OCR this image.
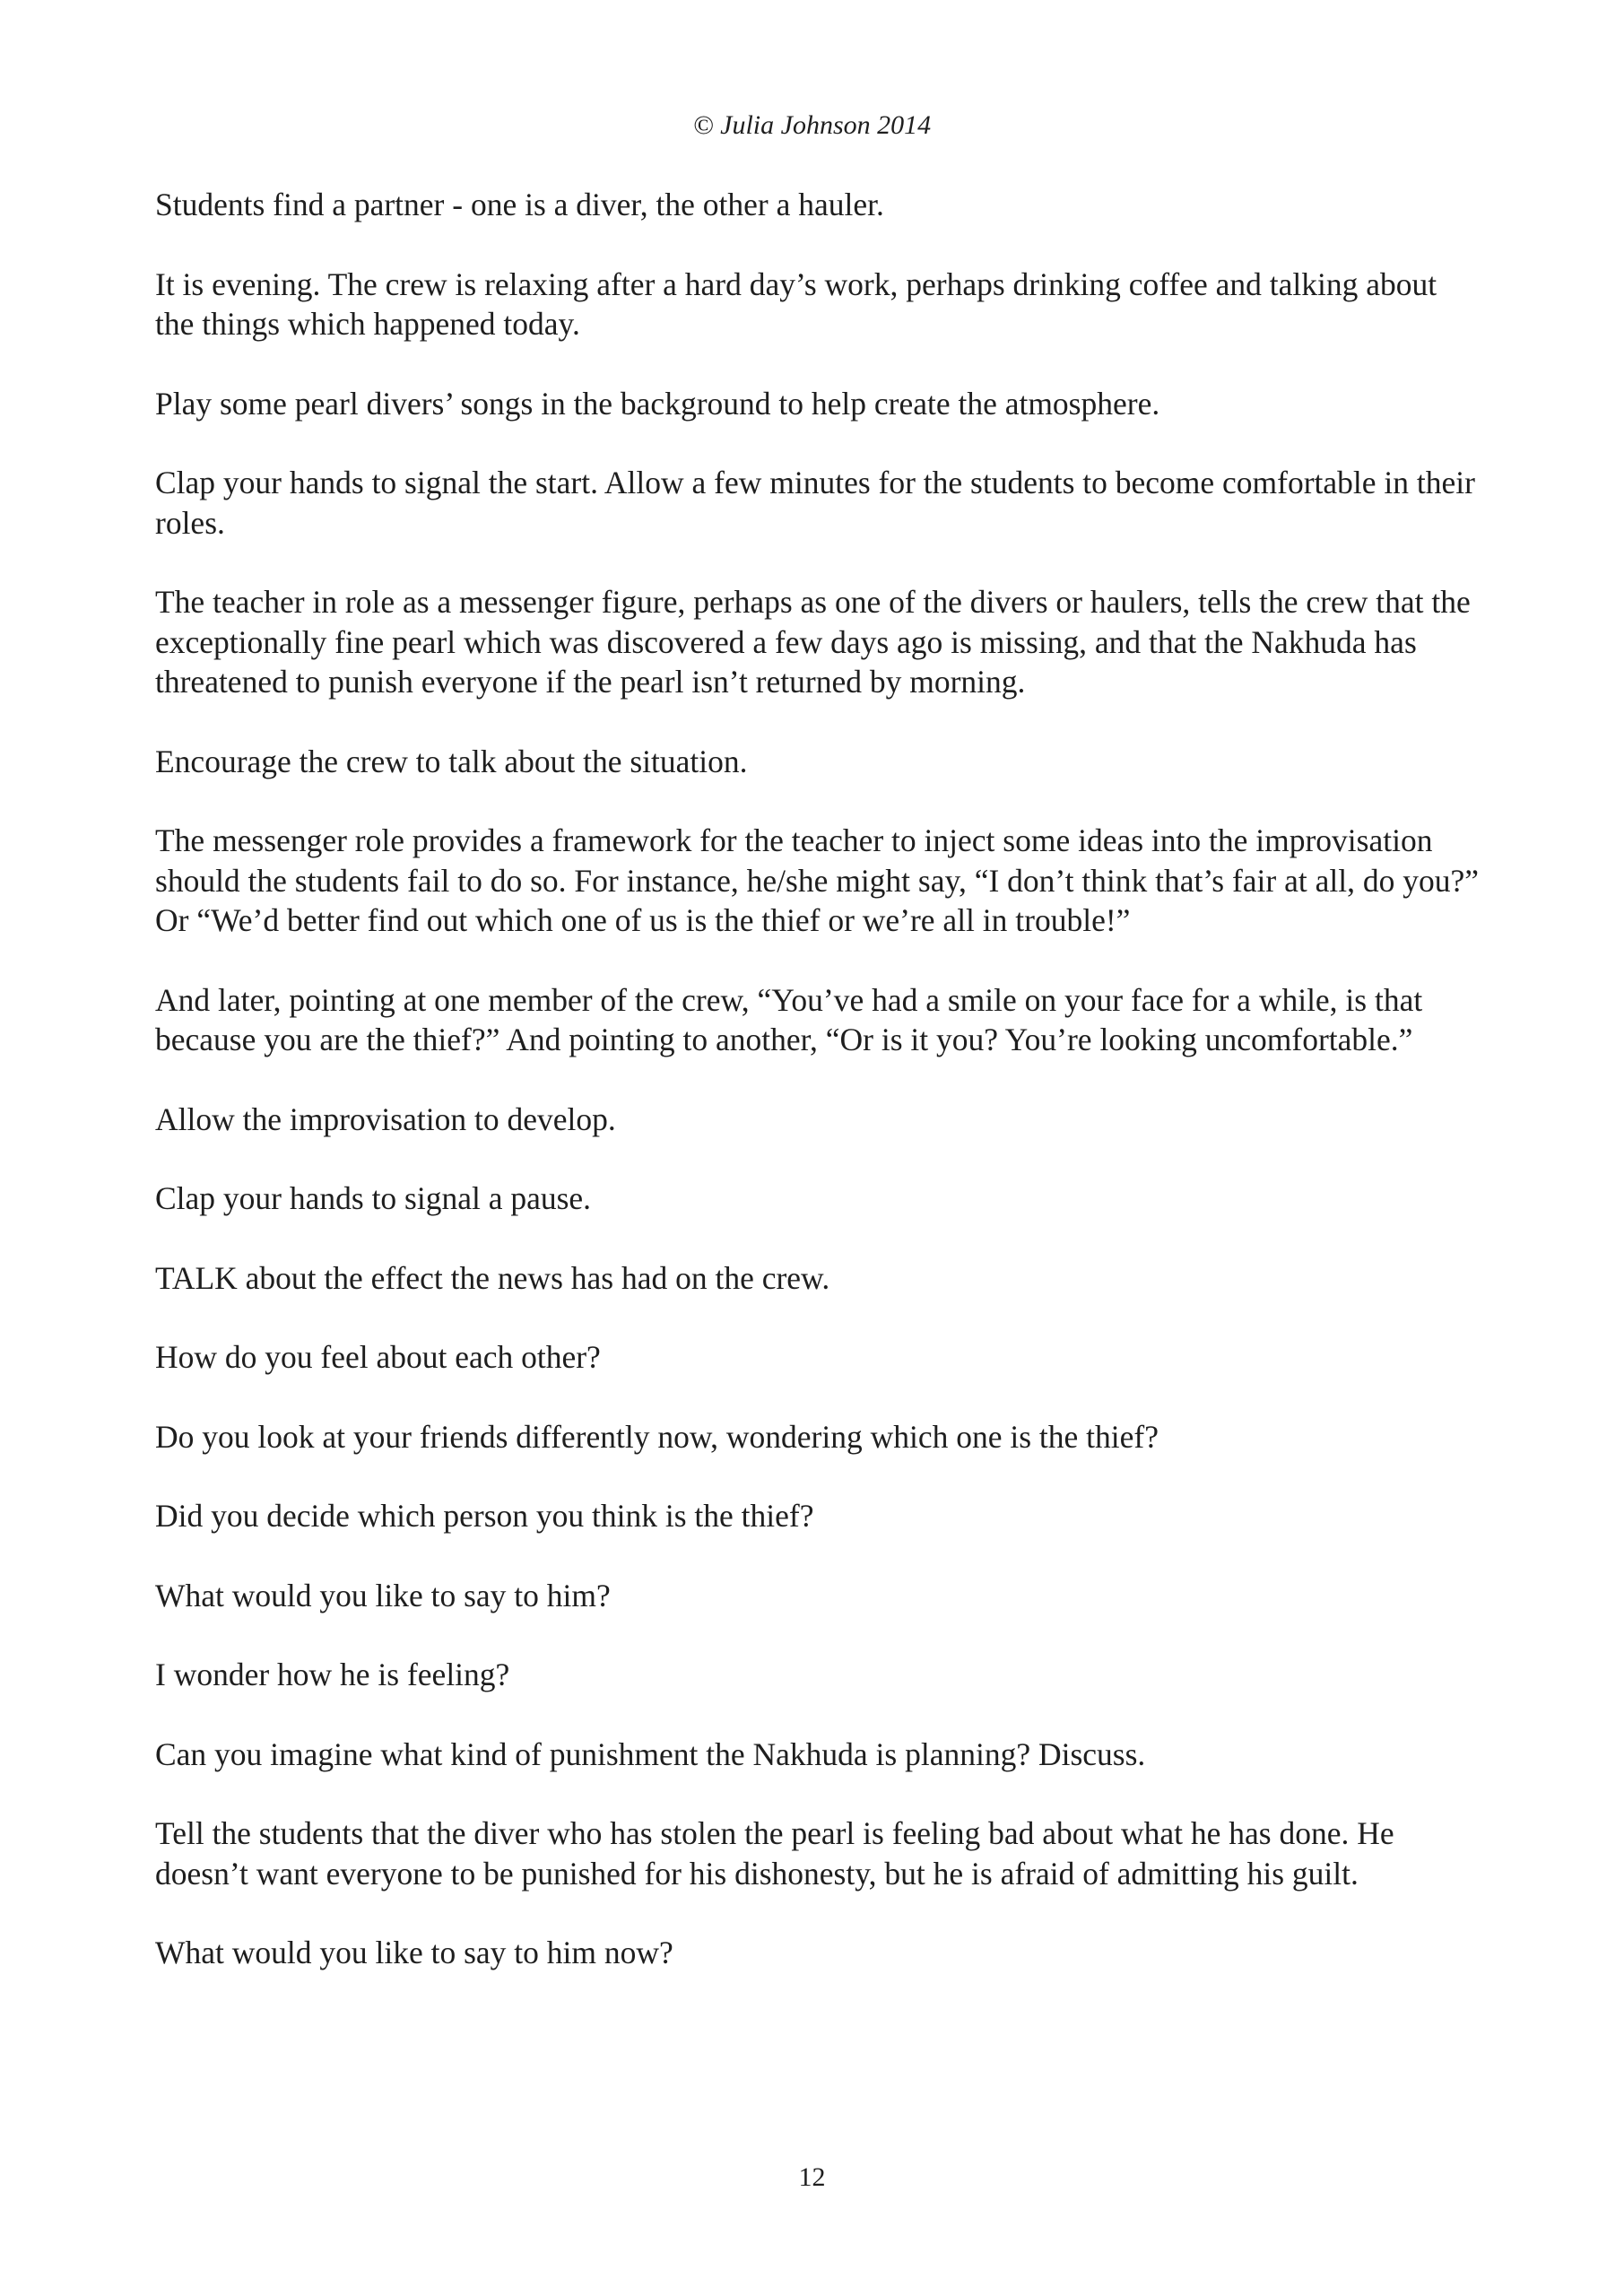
© Julia Johnson 2014

Students find a partner - one is a diver, the other a hauler.

It is evening. The crew is relaxing after a hard day’s work, perhaps drinking coffee and talking about the things which happened today.

Play some pearl divers’ songs in the background to help create the atmosphere.

Clap your hands to signal the start. Allow a few minutes for the students to become comfortable in their roles.

The teacher in role as a messenger figure, perhaps as one of the divers or haulers, tells the crew that the exceptionally fine pearl which was discovered a few days ago is missing, and that the Nakhuda has threatened to punish everyone if the pearl isn’t returned by morning.

Encourage the crew to talk about the situation.

The messenger role provides a framework for the teacher to inject some ideas into the improvisation should the students fail to do so. For instance, he/she might say, “I don’t think that’s fair at all, do you?” Or “We’d better find out which one of us is the thief or we’re all in trouble!”

And later, pointing at one member of the crew, “You’ve had a smile on your face for a while, is that because you are the thief?” And pointing to another, “Or is it you? You’re looking uncomfortable.”

Allow the improvisation to develop.

Clap your hands to signal a pause.

TALK about the effect the news has had on the crew.

How do you feel about each other?

Do you look at your friends differently now, wondering which one is the thief?

Did you decide which person you think is the thief?

What would you like to say to him?

I wonder how he is feeling?

Can you imagine what kind of punishment the Nakhuda is planning? Discuss.

Tell the students that the diver who has stolen the pearl is feeling bad about what he has done. He doesn’t want everyone to be punished for his dishonesty, but he is afraid of admitting his guilt.

What would you like to say to him now?

12
